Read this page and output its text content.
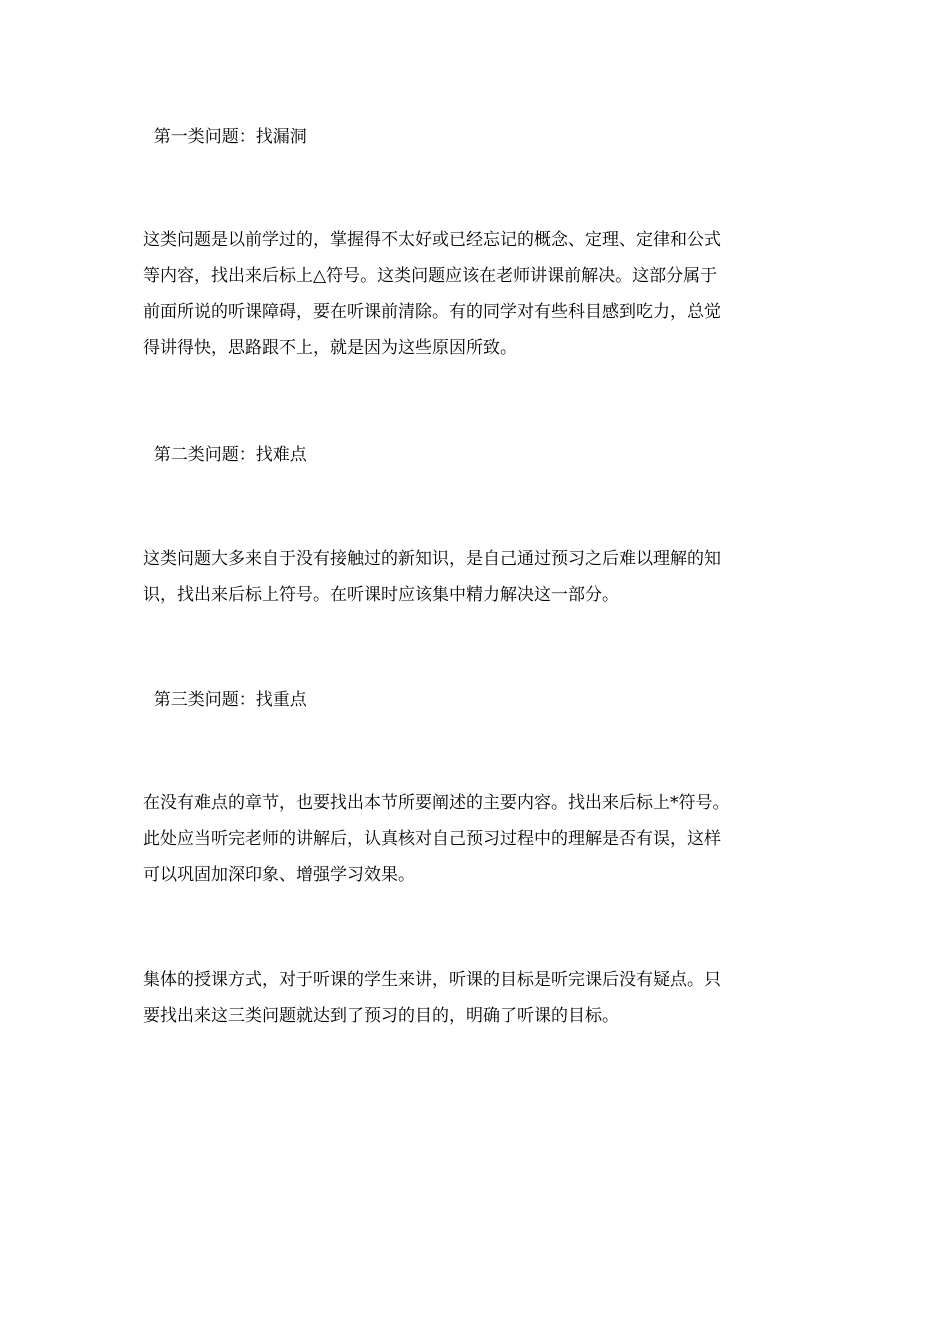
第一类问题：找漏洞

这类问题是以前学过的，掌握得不太好或已经忘记的概念、定理、定律和公式
等内容，找出来后标上△符号。这类问题应该在老师讲课前解决。这部分属于
前面所说的听课障碍，要在听课前清除。有的同学对有些科目感到吃力，总觉
得讲得快，思路跟不上，就是因为这些原因所致。

第二类问题：找难点

这类问题大多来自于没有接触过的新知识，是自己通过预习之后难以理解的知
识，找出来后标上符号。在听课时应该集中精力解决这一部分。

第三类问题：找重点

在没有难点的章节，也要找出本节所要阐述的主要内容。找出来后标上*符号。
此处应当听完老师的讲解后，认真核对自己预习过程中的理解是否有误，这样
可以巩固加深印象、增强学习效果。

集体的授课方式，对于听课的学生来讲，听课的目标是听完课后没有疑点。只
要找出来这三类问题就达到了预习的目的，明确了听课的目标。
